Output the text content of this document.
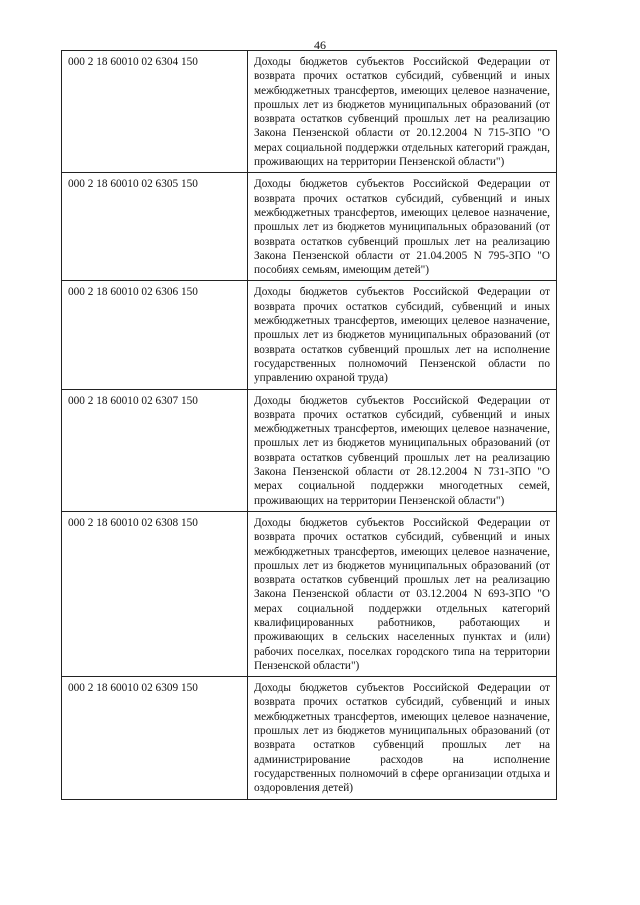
46
000 2 18 60010 02 6304 150	Доходы бюджетов субъектов Российской Федерации от возврата прочих остатков субсидий, субвенций и иных межбюджетных трансфертов, имеющих целевое назначение, прошлых лет из бюджетов муниципальных образований (от возврата остатков субвенций прошлых лет на реализацию Закона Пензенской области от 20.12.2004 N 715-ЗПО "О мерах социальной поддержки отдельных категорий граждан, проживающих на территории Пензенской области")
000 2 18 60010 02 6305 150	Доходы бюджетов субъектов Российской Федерации от возврата прочих остатков субсидий, субвенций и иных межбюджетных трансфертов, имеющих целевое назначение, прошлых лет из бюджетов муниципальных образований (от возврата остатков субвенций прошлых лет на реализацию Закона Пензенской области от 21.04.2005 N 795-ЗПО "О пособиях семьям, имеющим детей")
000 2 18 60010 02 6306 150	Доходы бюджетов субъектов Российской Федерации от возврата прочих остатков субсидий, субвенций и иных межбюджетных трансфертов, имеющих целевое назначение, прошлых лет из бюджетов муниципальных образований (от возврата остатков субвенций прошлых лет на исполнение государственных полномочий Пензенской области по управлению охраной труда)
000 2 18 60010 02 6307 150	Доходы бюджетов субъектов Российской Федерации от возврата прочих остатков субсидий, субвенций и иных межбюджетных трансфертов, имеющих целевое назначение, прошлых лет из бюджетов муниципальных образований (от возврата остатков субвенций прошлых лет на реализацию Закона Пензенской области от 28.12.2004 N 731-ЗПО "О мерах социальной поддержки многодетных семей, проживающих на территории Пензенской области")
000 2 18 60010 02 6308 150	Доходы бюджетов субъектов Российской Федерации от возврата прочих остатков субсидий, субвенций и иных межбюджетных трансфертов, имеющих целевое назначение, прошлых лет из бюджетов муниципальных образований (от возврата остатков субвенций прошлых лет на реализацию Закона Пензенской области от 03.12.2004 N 693-ЗПО "О мерах социальной поддержки отдельных категорий квалифицированных работников, работающих и проживающих в сельских населенных пунктах и (или) рабочих поселках, поселках городского типа на территории Пензенской области")
000 2 18 60010 02 6309 150	Доходы бюджетов субъектов Российской Федерации от возврата прочих остатков субсидий, субвенций и иных межбюджетных трансфертов, имеющих целевое назначение, прошлых лет из бюджетов муниципальных образований (от возврата остатков субвенций прошлых лет на администрирование расходов на исполнение государственных полномочий в сфере организации отдыха и оздоровления детей)
